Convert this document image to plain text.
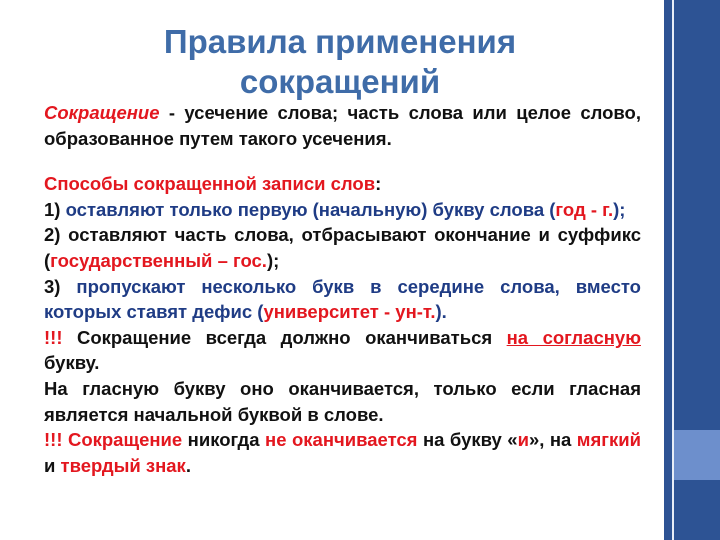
Правила применения
сокращений

Сокращение - усечение слова; часть слова или целое слово, образованное путем такого усечения.

Способы сокращенной записи слов:

1) оставляют только первую (начальную) букву слова (год - г.);

2) оставляют часть слова, отбрасывают окончание и суффикс (государственный – гос.);

3) пропускают несколько букв в середине слова, вместо которых ставят дефис (университет - ун-т.).

!!! Сокращение всегда должно оканчиваться на согласную букву.

На гласную букву оно оканчивается, только если гласная является начальной буквой в слове.

!!! Сокращение никогда не оканчивается на букву «и», на мягкий и твердый знак.
